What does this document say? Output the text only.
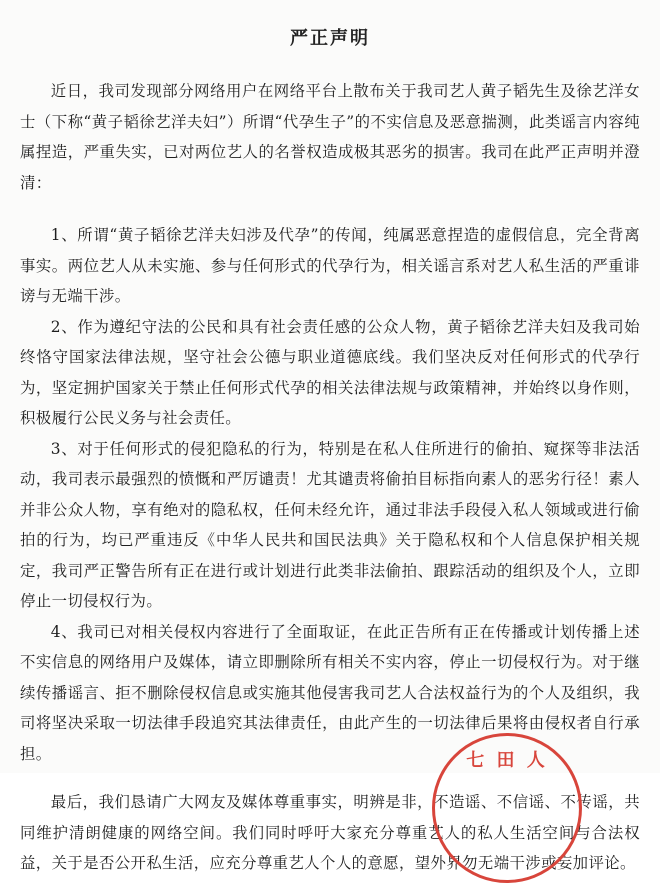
严正声明

近日，我司发现部分网络用户在网络平台上散布关于我司艺人黄子韬先生及徐艺洋女士（下称“黄子韬徐艺洋夫妇”）所谓“代孕生子”的不实信息及恶意揣测，此类谣言内容纯属捏造，严重失实，已对两位艺人的名誉权造成极其恶劣的损害。我司在此严正声明并澄清：

1、所谓“黄子韬徐艺洋夫妇涉及代孕”的传闻，纯属恶意捏造的虚假信息，完全背离事实。两位艺人从未实施、参与任何形式的代孕行为，相关谣言系对艺人私生活的严重诽谤与无端干涉。

2、作为遵纪守法的公民和具有社会责任感的公众人物，黄子韬徐艺洋夫妇及我司始终恪守国家法律法规，坚守社会公德与职业道德底线。我们坚决反对任何形式的代孕行为，坚定拥护国家关于禁止任何形式代孕的相关法律法规与政策精神，并始终以身作则，积极履行公民义务与社会责任。

3、对于任何形式的侵犯隐私的行为，特别是在私人住所进行的偷拍、窥探等非法活动，我司表示最强烈的愤慨和严厉谴责！尤其谴责将偷拍目标指向素人的恶劣行径！素人并非公众人物，享有绝对的隐私权，任何未经允许，通过非法手段侵入私人领域或进行偷拍的行为，均已严重违反《中华人民共和国民法典》关于隐私权和个人信息保护相关规定，我司严正警告所有正在进行或计划进行此类非法偷拍、跟踪活动的组织及个人，立即停止一切侵权行为。

4、我司已对相关侵权内容进行了全面取证，在此正告所有正在传播或计划传播上述不实信息的网络用户及媒体，请立即删除所有相关不实内容，停止一切侵权行为。对于继续传播谣言、拒不删除侵权信息或实施其他侵害我司艺人合法权益行为的个人及组织，我司将坚决采取一切法律手段追究其法律责任，由此产生的一切法律后果将由侵权者自行承担。

最后，我们恳请广大网友及媒体尊重事实，明辨是非，不造谣、不信谣、不传谣，共同维护清朗健康的网络空间。我们同时呼吁大家充分尊重艺人的私人生活空间与合法权益，关于是否公开私生活，应充分尊重艺人个人的意愿，望外界勿无端干涉或妄加评论。

七 田 人
